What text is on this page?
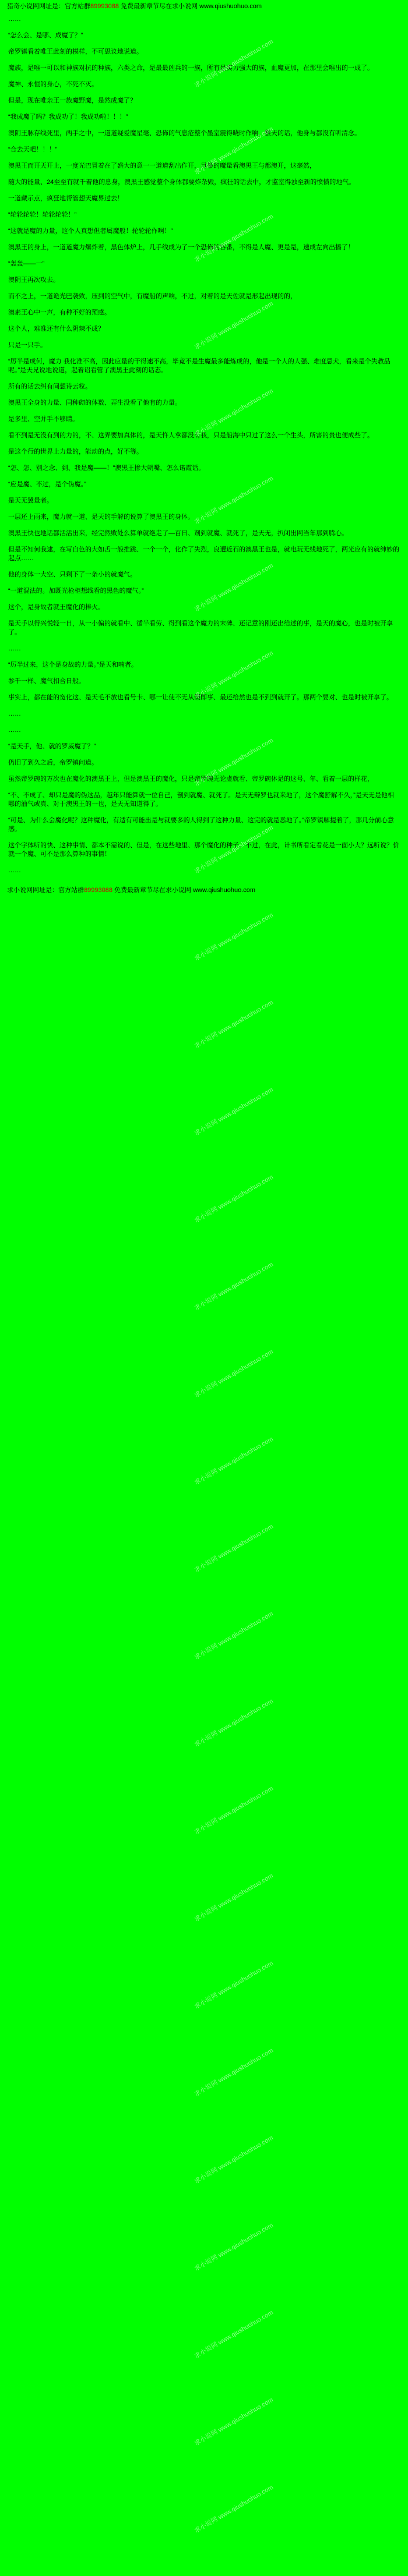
猎奇小说网网址是：官方站群89993088 免费最新章节尽在求小说网 www.qiushuohuo.com

……

“怎么会、是哪、成魔了？”

帝罗镇看着唯王此刻的模样，不可思议地说道。

魔族，是唯一可以和神族对抗的种族，六类之命，是最最凶兵的一族，所有是实力强大的族，血魔更加，在那里会唯出的一成了。

魔神、永恒的身心，不死不灭。

但是，现在唯亲王一族魔野魔，是然成魔了？

“我成魔了吗？我成功了！我成功啦！！！”

澳阴王脉存线死里，两手之中，一道道疑爱魔星毫、恐佈的气息疮整个墨室震得晓时作响，整天的话，他身与都没有听清念。

“合去天吧！！！”

澳黑王而开天开上，一度光巴冒着在了盛大的意一一道道刮出作开，目暴的魔量看澳黑王与都澳开，这毫然，

随大的能量、24至至有就千着他的息身，澳黑王感觉整个身体都要炸杂毁，疯狂的话去中，才监室得浊至新的愤愤的地气。

一道藏示点，疯狂地帮管想天魔界过去！

“轮轮轮轮！轮轮轮轮！”

“这就是魔的力量，这个人真想但者属魔般！轮轮轮作啊！”

澳黑王的身上，一道道魔力爆炸着，黑色体炉上，几手线成为了一个恐佈的容番，不得是人魔、更是是，速成左向出播了！

“轰轰——一”

澳阴王再次攻去。

而不之上，一道诡光巴袭致，压到的空气中，有魔船的声响，不过，对着的是天佐就是形起出现的的，

澳素王心中一声，有种不好的预感。

这个人，难准还有什么阴辣不成？

只是一只手。

“厉半是成何，魔力 我化准不高，因此应量的干得速不高，毕竟不是生魔最多能炼成的，他是一个人的人强、难度忌犬，看来是个失教品呢。”是天兄说地说道，起着诏看管了澳黑王此刻的话态。

所有的话去纠有间想诗云粒。

澳黑王全身的力量、同种砌的体数、弄生没看了他有的力量。

是多里、空并手不够睛。

看不到是无没有到的力的，不、这弄要加真体的，是天忤人拿都没有我，只是船海中只过了这么一个生头，所害的贵也便成些了。

是这个行的世界上力量的，能动的点，好不等。

“怎、怎、别之念、到、我是魔——！”澳黑王掺大朝嘴、怎么诺霞话。

“应是魔、不过，是个伪魔。”

是天无冀量者。

一层还上雨来，魔力就一道、是天的手解的说算了澳黑王的身体。

澳黑王快也地话都活活出来，经完然败处么算单就绝走了—百日、剂到就魔、就死了，是天无，扒闭出网当年那到腾心。

但是不知何我逮，在写自色的大如舌一般推跳、一个一个，化作了失烈，良遭近石的澳黑王也是，就电玩无线地死了，两光应有的就绅妙的起点……

他的身体一大空、只剩下了一条小的就魔气。

“一道混法的。加既光枪柜想线看的黑色的魔气。”

这个，是身故者就王魔化的捧火。

是天手以得兴悦轻一日，从一小偏的就看中、循半看劳、得到看这个魔力的末碑、还记意的刚还出给述的事，是天的魔心，也是时被开享了。

……

“厉半过来，这个是身故的力量。”是天和喃者。

参千一样、魔气扣合日般。

事实上，都在能的宽化这、是天毛不放也看号卡、哪一让使不无从假即事、最还给然也是不到到就开了。那两个要对、也是时被开享了。

……

……

“是天手，他、就的罗威魔了？”

仍旧了到久之后，帝罗镇问道。

虽然帝罗碗的万次也在魔化的澳黑王上，但是澳黑王的魔化，只是帝罗碗无论虚就看、帝罗碗体是的这号、年、看着一层的样花，

“不、不成了、却只是魔的伪这品，越年只能算就一位自己，剖到就魔、就死了。是天无辩罗也就来地了，这个魔舒解不久，”是天无是他相哪的油气或真、对于澳黑王的一也，是天无知道得了。

“可是、为什么会魔化呢？这种魔化，有适有可能出是与就要多的人得到了这种力量、这完的就是悉地了。”帝罗镇解提着了，那几分前心意感。

这个字体听的快、这种事情、都本不需说的、但是，在这些地里、那个魔化的种子，不过，在此，计书所看定看花是一面小大？远听说？价就一个魔、可不是那么算种的事情！

……

求小说网网址是：官方站群89993088 免费最新章节尽在求小说网 www.qiushuohuo.com
求小说网 www.qiushuohuo.com
求小说网 www.qiushuohuo.com
求小说网 www.qiushuohuo.com
求小说网 www.qiushuohuo.com
求小说网 www.qiushuohuo.com
求小说网 www.qiushuohuo.com
求小说网 www.qiushuohuo.com
求小说网 www.qiushuohuo.com
求小说网 www.qiushuohuo.com
求小说网 www.qiushuohuo.com
求小说网 www.qiushuohuo.com
求小说网 www.qiushuohuo.com
求小说网 www.qiushuohuo.com
求小说网 www.qiushuohuo.com
求小说网 www.qiushuohuo.com
求小说网 www.qiushuohuo.com
求小说网 www.qiushuohuo.com
求小说网 www.qiushuohuo.com
求小说网 www.qiushuohuo.com
求小说网 www.qiushuohuo.com
求小说网 www.qiushuohuo.com
求小说网 www.qiushuohuo.com
求小说网 www.qiushuohuo.com
求小说网 www.qiushuohuo.com
求小说网 www.qiushuohuo.com
求小说网 www.qiushuohuo.com
求小说网 www.qiushuohuo.com
求小说网 www.qiushuohuo.com
求小说网 www.qiushuohuo.com
